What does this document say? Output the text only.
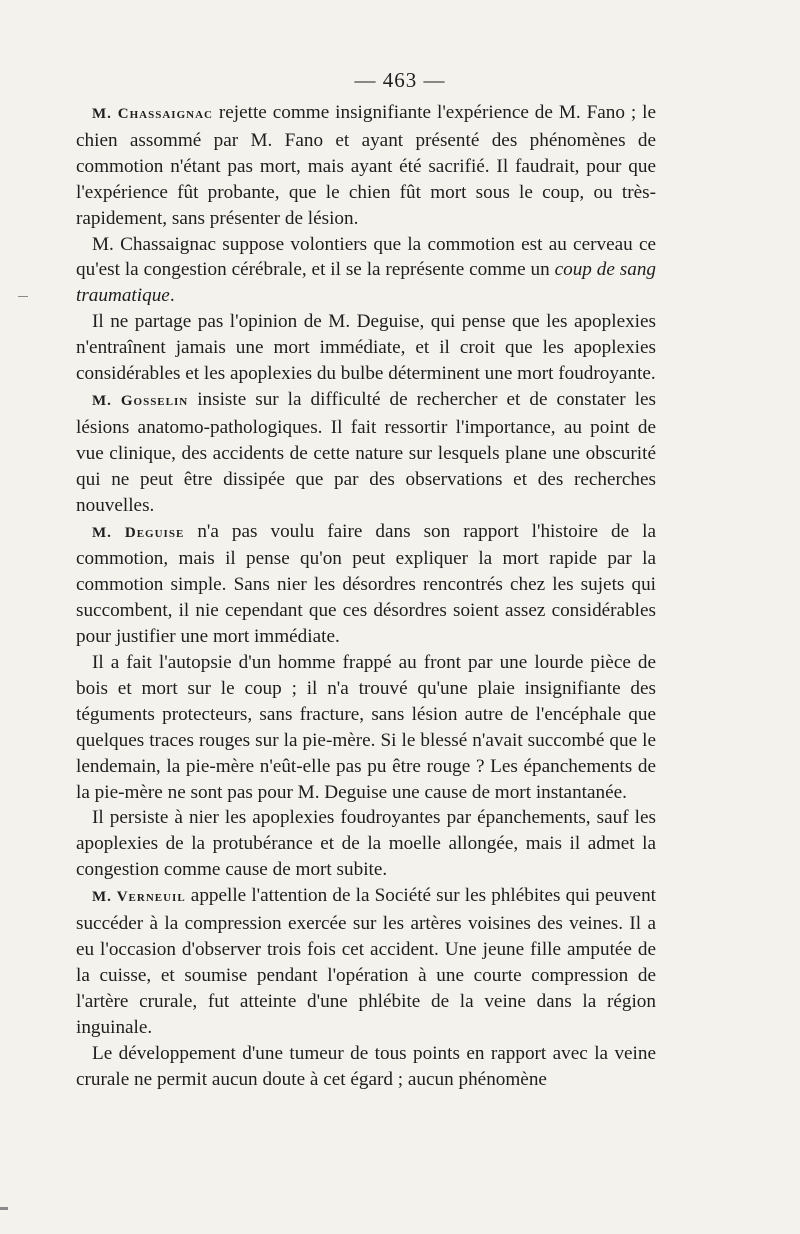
— 463 —

M. Chassaignac rejette comme insignifiante l'expérience de M. Fano ; le chien assommé par M. Fano et ayant présenté des phénomènes de commotion n'étant pas mort, mais ayant été sacrifié. Il faudrait, pour que l'expérience fût probante, que le chien fût mort sous le coup, ou très-rapidement, sans présenter de lésion.

M. Chassaignac suppose volontiers que la commotion est au cerveau ce qu'est la congestion cérébrale, et il se la représente comme un coup de sang traumatique.

Il ne partage pas l'opinion de M. Deguise, qui pense que les apoplexies n'entraînent jamais une mort immédiate, et il croit que les apoplexies considérables et les apoplexies du bulbe déterminent une mort foudroyante.

M. Gosselin insiste sur la difficulté de rechercher et de constater les lésions anatomo-pathologiques. Il fait ressortir l'importance, au point de vue clinique, des accidents de cette nature sur lesquels plane une obscurité qui ne peut être dissipée que par des observations et des recherches nouvelles.

M. Deguise n'a pas voulu faire dans son rapport l'histoire de la commotion, mais il pense qu'on peut expliquer la mort rapide par la commotion simple. Sans nier les désordres rencontrés chez les sujets qui succombent, il nie cependant que ces désordres soient assez considérables pour justifier une mort immédiate.

Il a fait l'autopsie d'un homme frappé au front par une lourde pièce de bois et mort sur le coup ; il n'a trouvé qu'une plaie insignifiante des téguments protecteurs, sans fracture, sans lésion autre de l'encéphale que quelques traces rouges sur la pie-mère. Si le blessé n'avait succombé que le lendemain, la pie-mère n'eût-elle pas pu être rouge ? Les épanchements de la pie-mère ne sont pas pour M. Deguise une cause de mort instantanée.

Il persiste à nier les apoplexies foudroyantes par épanchements, sauf les apoplexies de la protubérance et de la moelle allongée, mais il admet la congestion comme cause de mort subite.

M. Verneuil appelle l'attention de la Société sur les phlébites qui peuvent succéder à la compression exercée sur les artères voisines des veines. Il a eu l'occasion d'observer trois fois cet accident. Une jeune fille amputée de la cuisse, et soumise pendant l'opération à une courte compression de l'artère crurale, fut atteinte d'une phlébite de la veine dans la région inguinale.

Le développement d'une tumeur de tous points en rapport avec la veine crurale ne permit aucun doute à cet égard ; aucun phénomène
